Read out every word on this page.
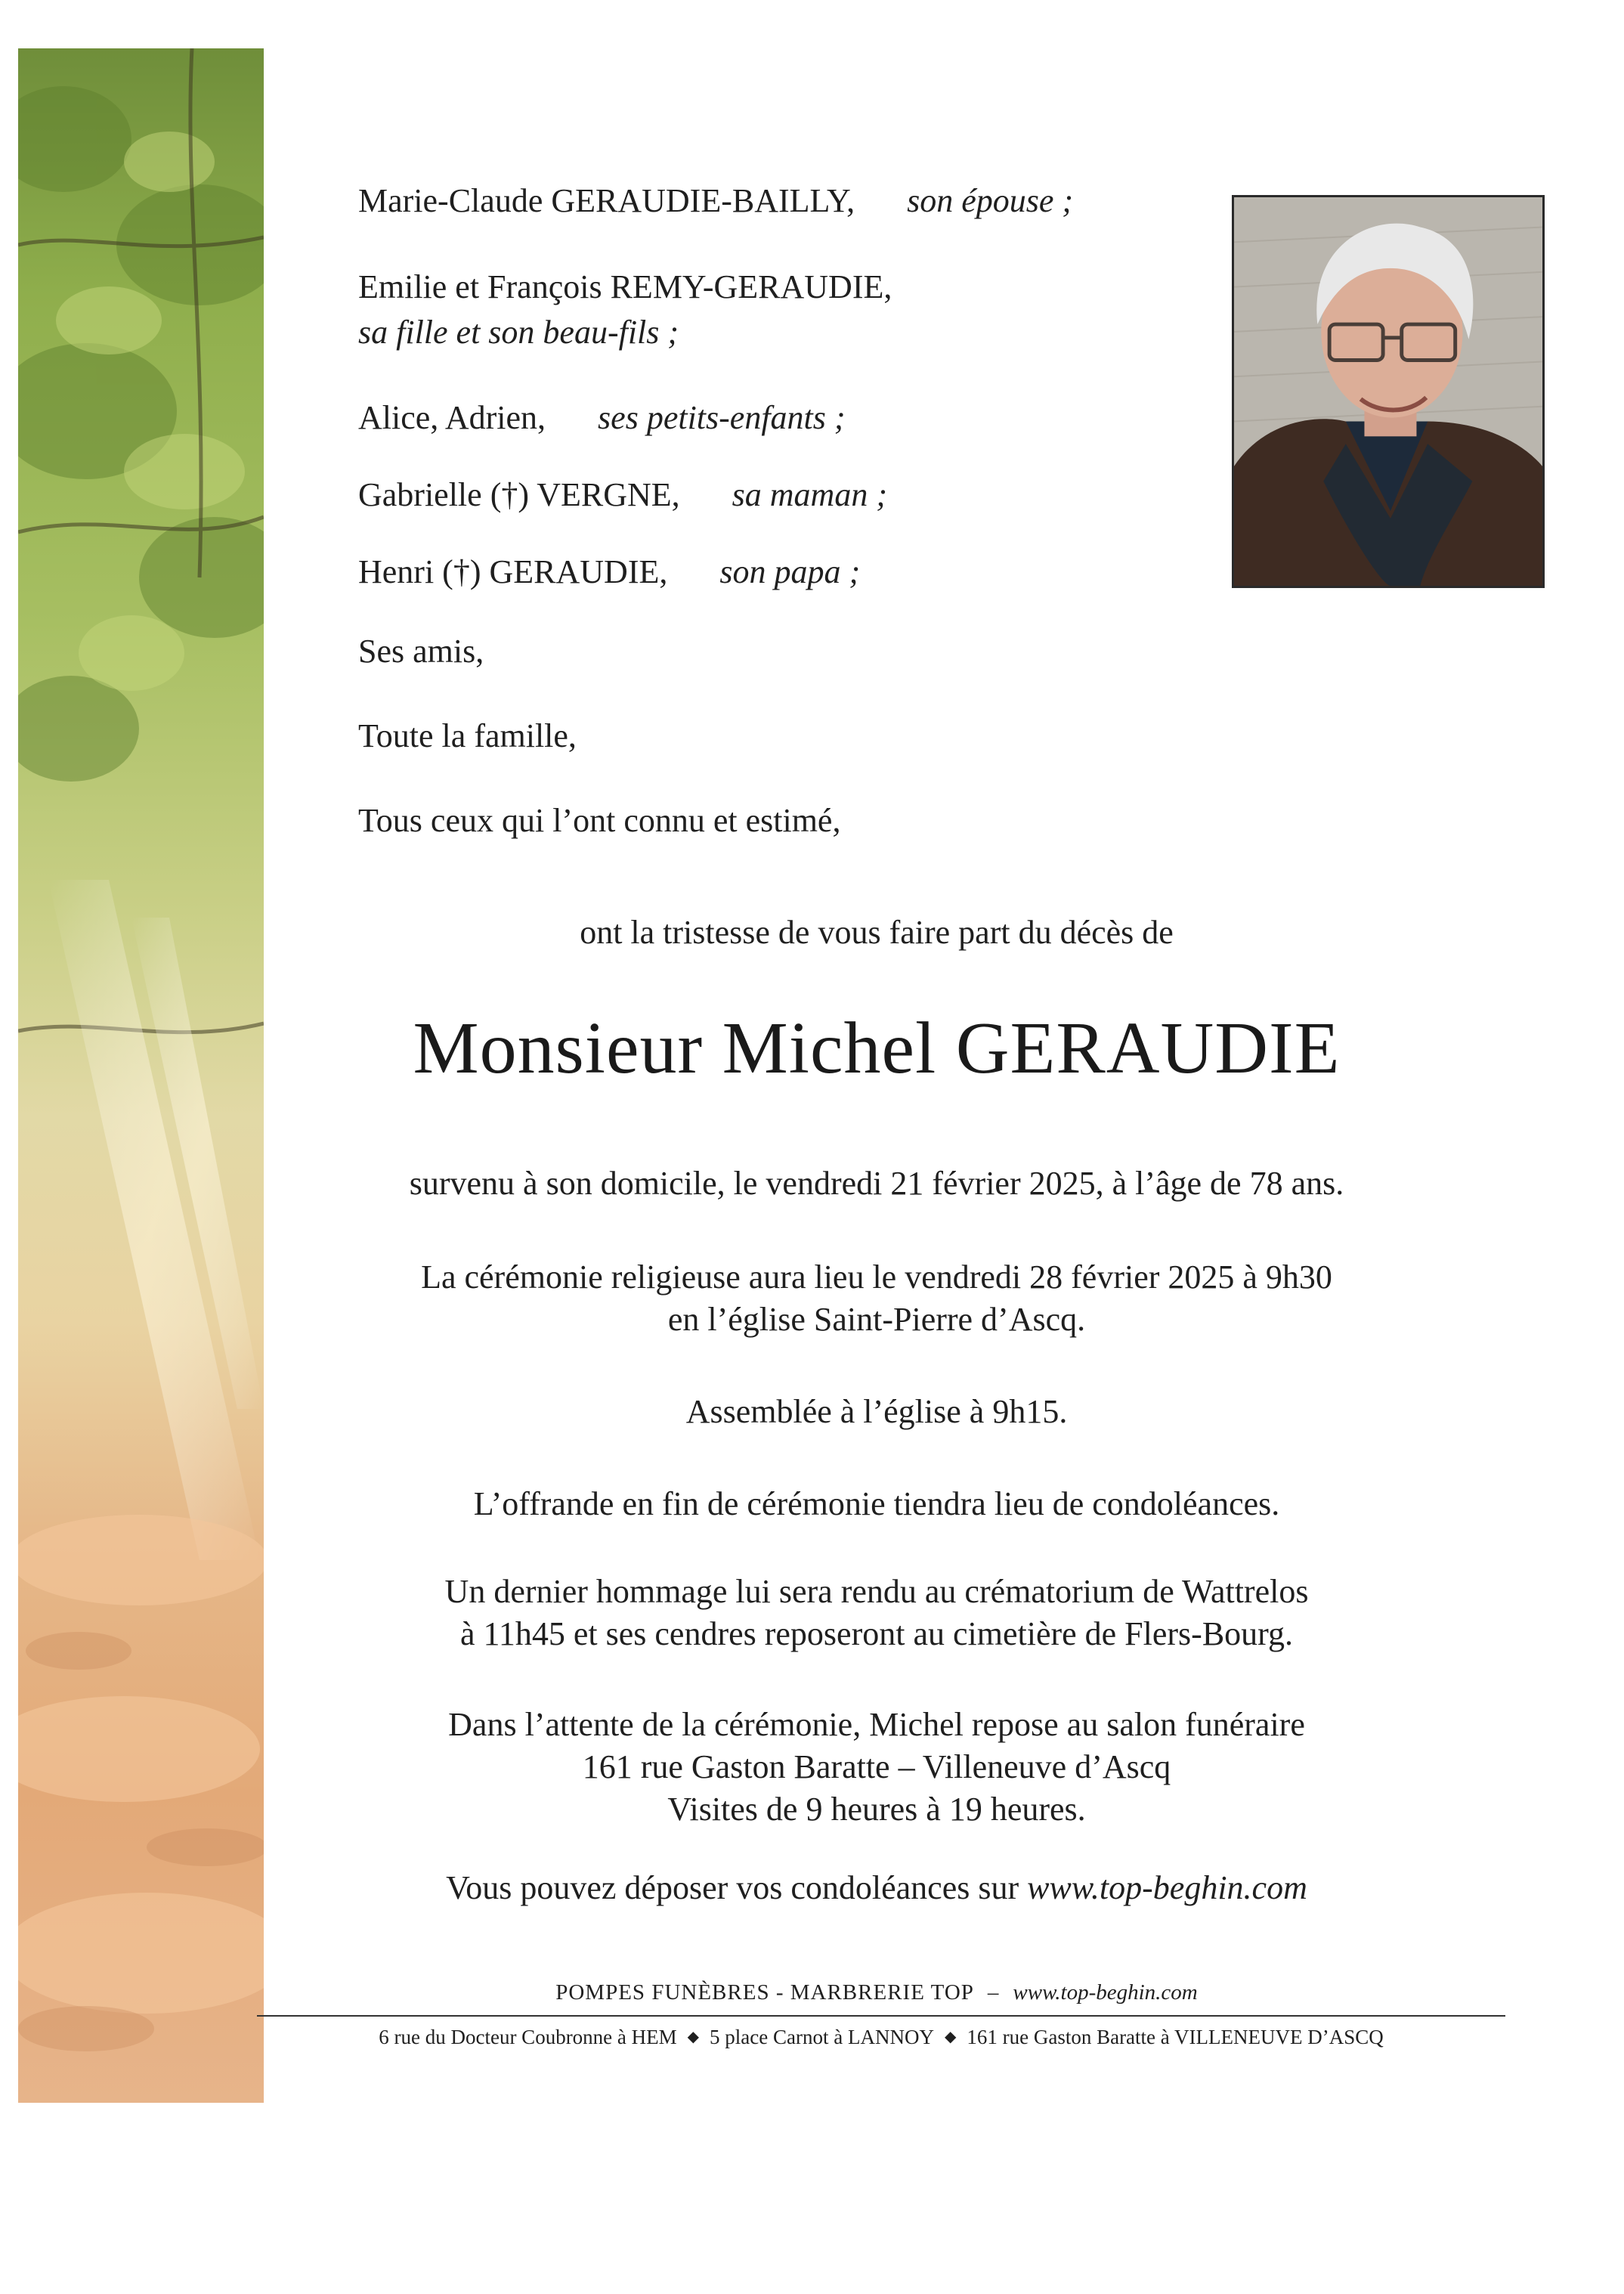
Marie-Claude GERAUDIE-BAILLY, son épouse ;
Emilie et François REMY-GERAUDIE,
sa fille et son beau-fils ;
Alice, Adrien, ses petits-enfants ;
Gabrielle (†) VERGNE, sa maman ;
Henri (†) GERAUDIE, son papa ;
Ses amis,
Toute la famille,
Tous ceux qui l’ont connu et estimé,
ont la tristesse de vous faire part du décès de
Monsieur Michel GERAUDIE
survenu à son domicile, le vendredi 21 février 2025, à l’âge de 78 ans.
La cérémonie religieuse aura lieu le vendredi 28 février 2025 à 9h30
en l’église Saint-Pierre d’Ascq.
Assemblée à l’église à 9h15.
L’offrande en fin de cérémonie tiendra lieu de condoléances.
Un dernier hommage lui sera rendu au crématorium de Wattrelos
à 11h45 et ses cendres reposeront au cimetière de Flers-Bourg.
Dans l’attente de la cérémonie, Michel repose au salon funéraire
161 rue Gaston Baratte – Villeneuve d’Ascq
Visites de 9 heures à 19 heures.
Vous pouvez déposer vos condoléances sur www.top-beghin.com
POMPES FUNÈBRES - MARBRERIE TOP – www.top-beghin.com
6 rue du Docteur Coubronne à HEM ◆ 5 place Carnot à LANNOY ◆ 161 rue Gaston Baratte à VILLENEUVE D’ASCQ
